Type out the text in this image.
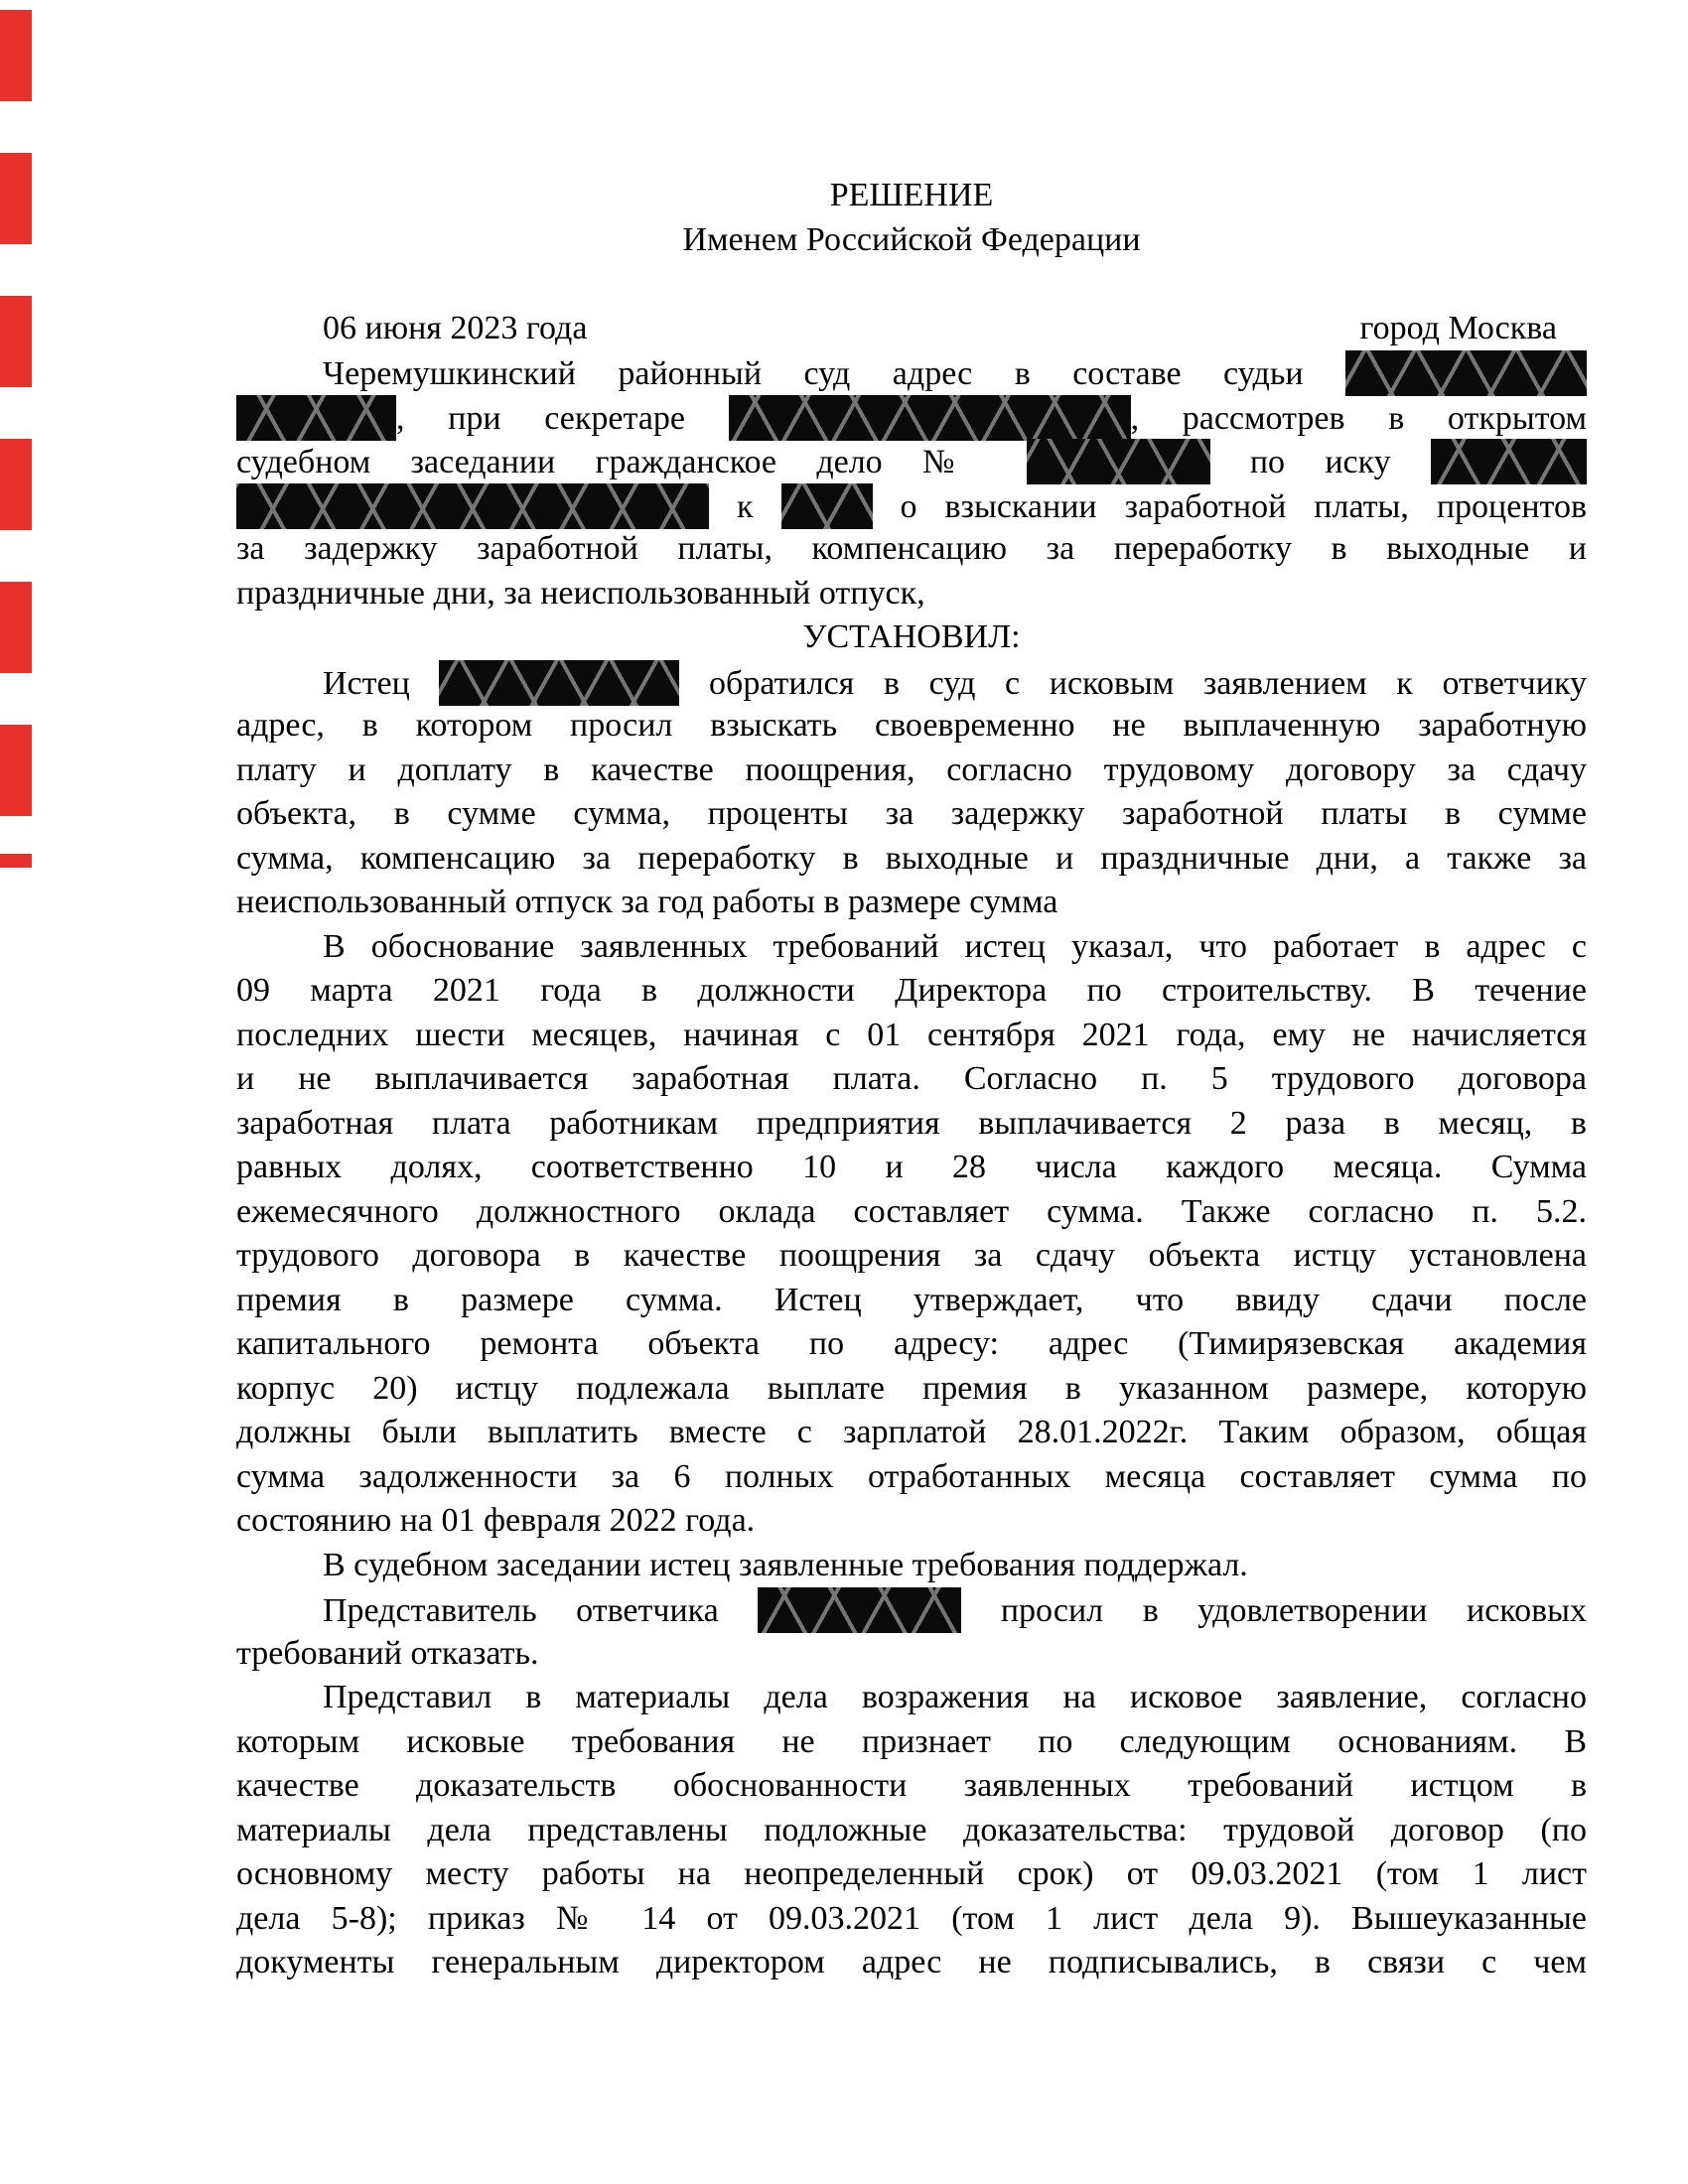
РЕШЕНИЕ
Именем Российской Федерации
06 июня 2023 года	город Москва
Черемушкинский районный суд адрес в составе судьи
, при секретаре	, рассмотрев в открытом
судебном заседании гражданское дело №	по иску
к	о взыскании заработной платы, процентов
за задержку заработной платы, компенсацию за переработку в выходные и
праздничные дни, за неиспользованный отпуск,
УСТАНОВИЛ:
Истец	обратился в суд с исковым заявлением к ответчику
адрес, в котором просил взыскать своевременно не выплаченную заработную
плату и доплату в качестве поощрения, согласно трудовому договору за сдачу
объекта, в сумме сумма, проценты за задержку заработной платы в сумме
сумма, компенсацию за переработку в выходные и праздничные дни, а также за
неиспользованный отпуск за год работы в размере сумма
В обоснование заявленных требований истец указал, что работает в адрес с
09 марта 2021 года в должности Директора по строительству. В течение
последних шести месяцев, начиная с 01 сентября 2021 года, ему не начисляется
и не выплачивается заработная плата. Согласно п. 5 трудового договора
заработная плата работникам предприятия выплачивается 2 раза в месяц, в
равных долях, соответственно 10 и 28 числа каждого месяца. Сумма
ежемесячного должностного оклада составляет сумма. Также согласно п. 5.2.
трудового договора в качестве поощрения за сдачу объекта истцу установлена
премия в размере сумма. Истец утверждает, что ввиду сдачи после
капитального ремонта объекта по адресу: адрес (Тимирязевская академия
корпус 20) истцу подлежала выплате премия в указанном размере, которую
должны были выплатить вместе с зарплатой 28.01.2022г. Таким образом, общая
сумма задолженности за 6 полных отработанных месяца составляет сумма по
состоянию на 01 февраля 2022 года.
В судебном заседании истец заявленные требования поддержал.
Представитель ответчика	просил в удовлетворении исковых
требований отказать.
Представил в материалы дела возражения на исковое заявление, согласно
которым исковые требования не признает по следующим основаниям. В
качестве доказательств обоснованности заявленных требований истцом в
материалы дела представлены подложные доказательства: трудовой договор (по
основному месту работы на неопределенный срок) от 09.03.2021 (том 1 лист
дела 5-8); приказ № 14 от 09.03.2021 (том 1 лист дела 9). Вышеуказанные
документы генеральным директором адрес не подписывались, в связи с чем
